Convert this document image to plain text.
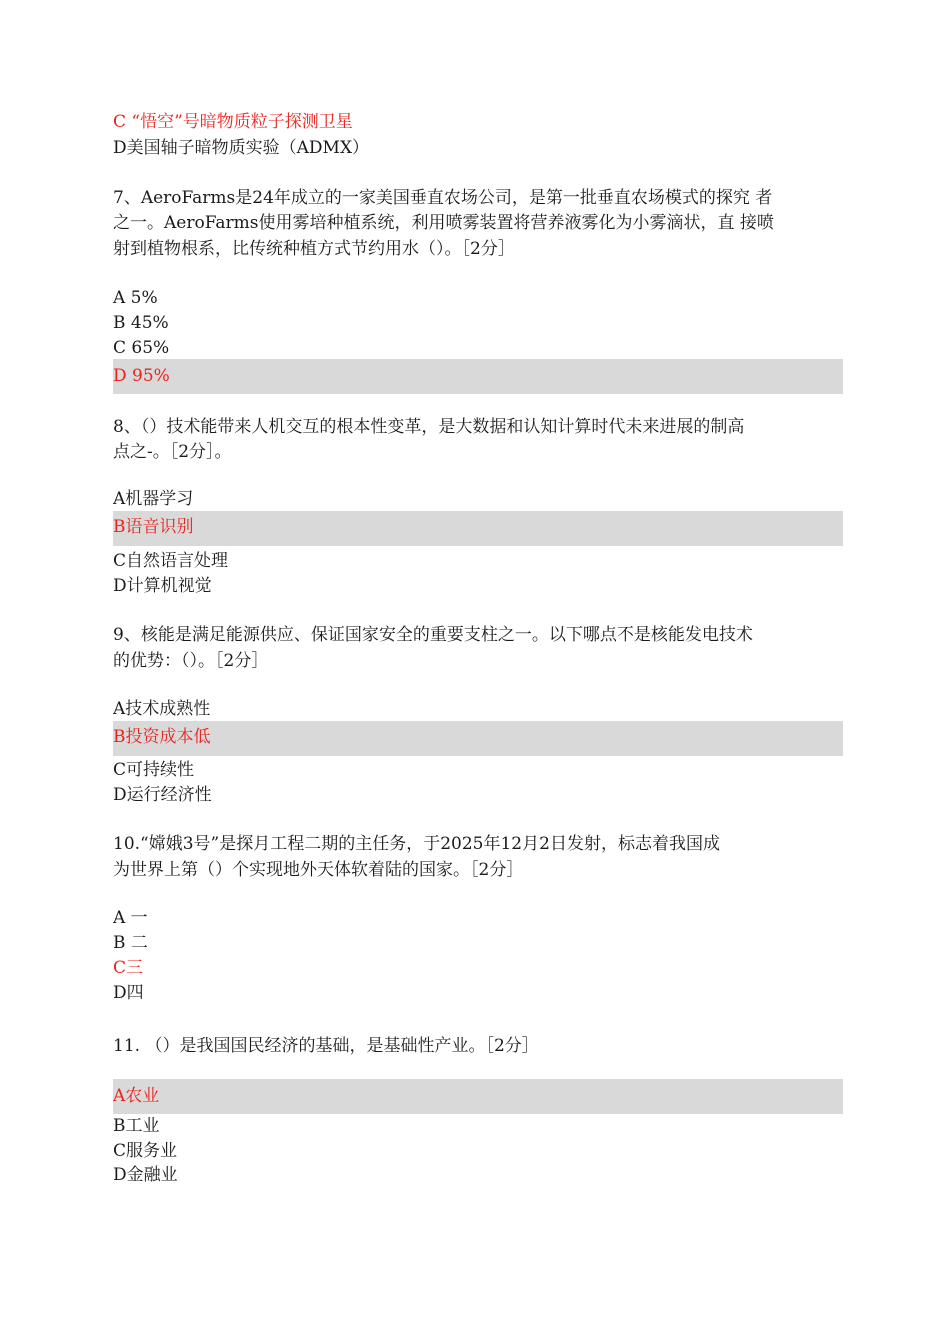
C “悟空”号暗物质粒子探测卫星
D美国轴子暗物质实验（ADMX）
7、AeroFarms是24年成立的一家美国垂直农场公司，是第一批垂直农场模式的探究 者
之一。AeroFarms使用雾培种植系统，利用喷雾装置将营养液雾化为小雾滴状，直 接喷
射到植物根系，比传统种植方式节约用水（）。［2分］
A 5%
B 45%
C 65%
D 95%
8、（）技术能带来人机交互的根本性变革，是大数据和认知计算时代未来进展的制高
点之-。［2分］。
A机器学习
B语音识别
C自然语言处理
D计算机视觉
9、核能是满足能源供应、保证国家安全的重要支柱之一。以下哪点不是核能发电技术
的优势：（）。［2分］
A技术成熟性
B投资成本低
C可持续性
D运行经济性
10.“嫦娥3号”是探月工程二期的主任务，于2025年12月2日发射，标志着我国成
为世界上第（）个实现地外天体软着陆的国家。［2分］
A 一
B 二
C三
D四
11. （）是我国国民经济的基础，是基础性产业。［2分］
A农业
B工业
C服务业
D金融业
